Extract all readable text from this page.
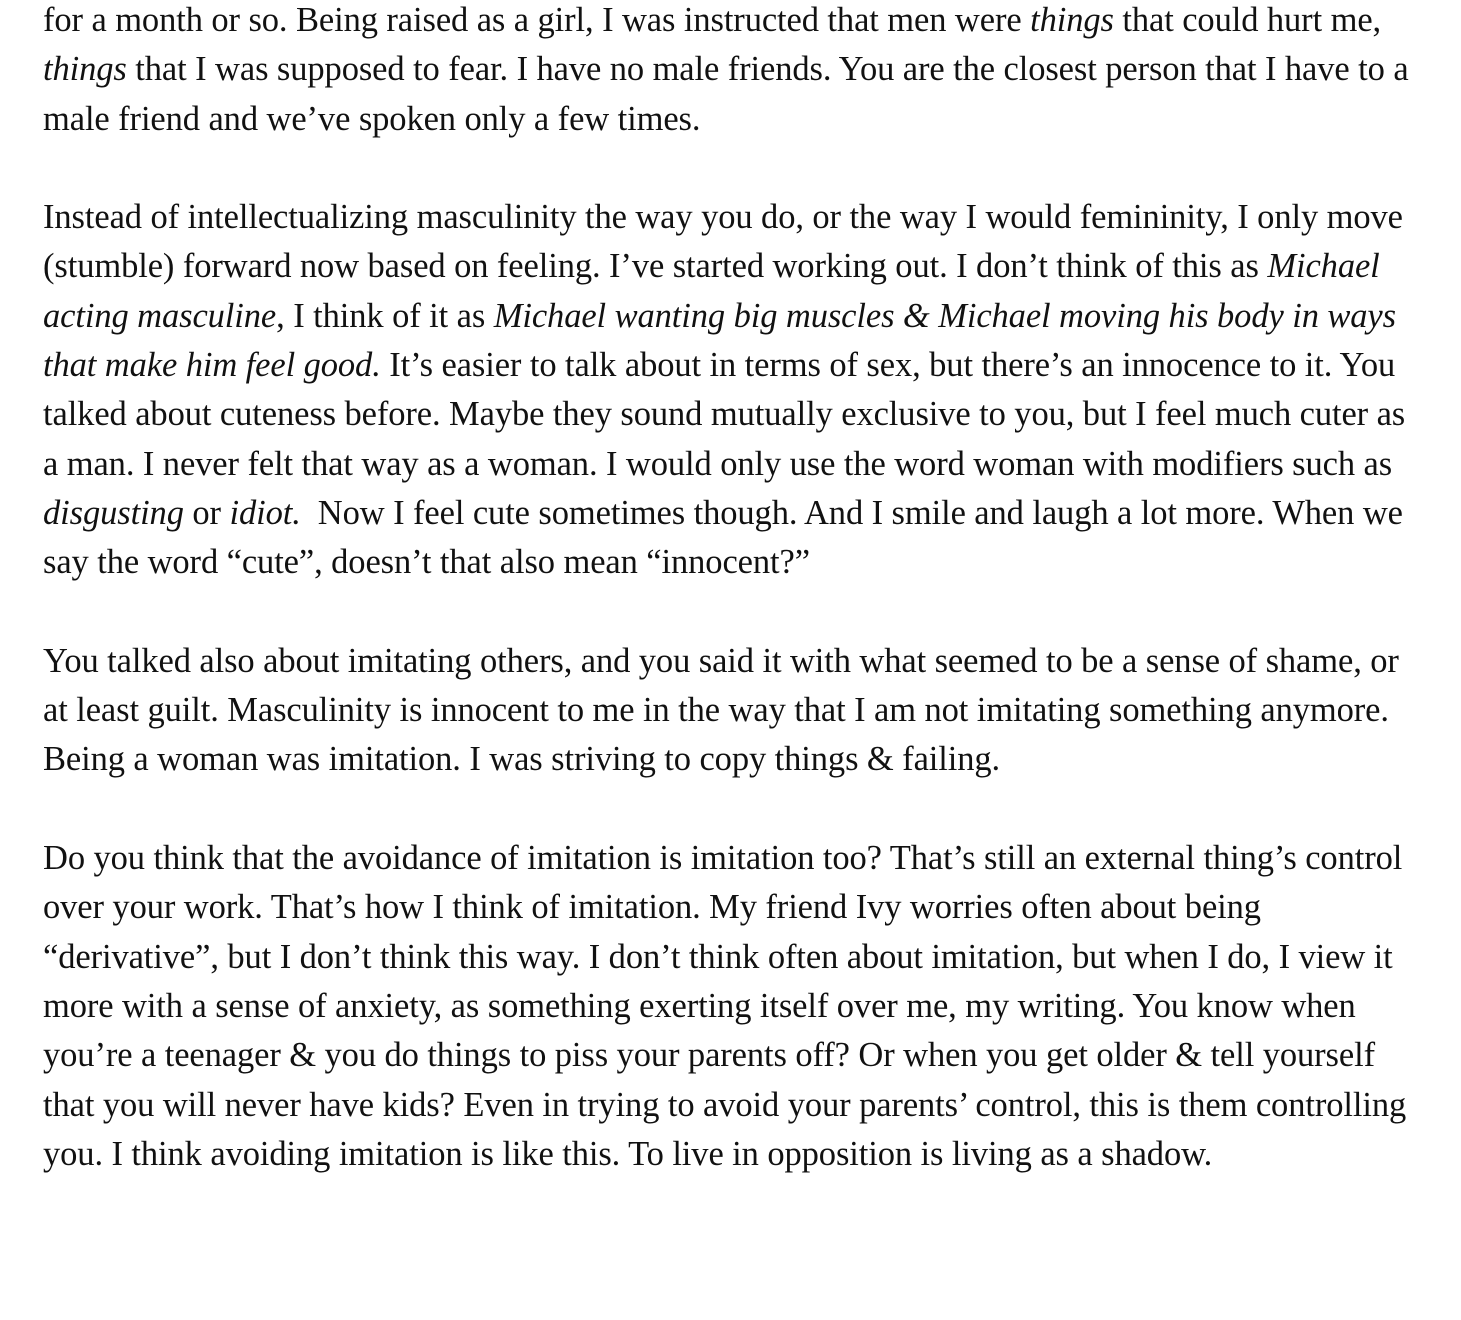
for a month or so. Being raised as a girl, I was instructed that men were things that could hurt me, things that I was supposed to fear. I have no male friends. You are the closest person that I have to a male friend and we’ve spoken only a few times.

Instead of intellectualizing masculinity the way you do, or the way I would femininity, I only move (stumble) forward now based on feeling. I’ve started working out. I don’t think of this as Michael acting masculine, I think of it as Michael wanting big muscles & Michael moving his body in ways that make him feel good. It’s easier to talk about in terms of sex, but there’s an innocence to it. You talked about cuteness before. Maybe they sound mutually exclusive to you, but I feel much cuter as a man. I never felt that way as a woman. I would only use the word woman with modifiers such as disgusting or idiot.  Now I feel cute sometimes though. And I smile and laugh a lot more. When we say the word “cute”, doesn’t that also mean “innocent?”

You talked also about imitating others, and you said it with what seemed to be a sense of shame, or at least guilt. Masculinity is innocent to me in the way that I am not imitating something anymore. Being a woman was imitation. I was striving to copy things & failing.

Do you think that the avoidance of imitation is imitation too? That’s still an external thing’s control over your work. That’s how I think of imitation. My friend Ivy worries often about being “derivative”, but I don’t think this way. I don’t think often about imitation, but when I do, I view it more with a sense of anxiety, as something exerting itself over me, my writing. You know when you’re a teenager & you do things to piss your parents off? Or when you get older & tell yourself that you will never have kids? Even in trying to avoid your parents’ control, this is them controlling you. I think avoiding imitation is like this. To live in opposition is living as a shadow.
